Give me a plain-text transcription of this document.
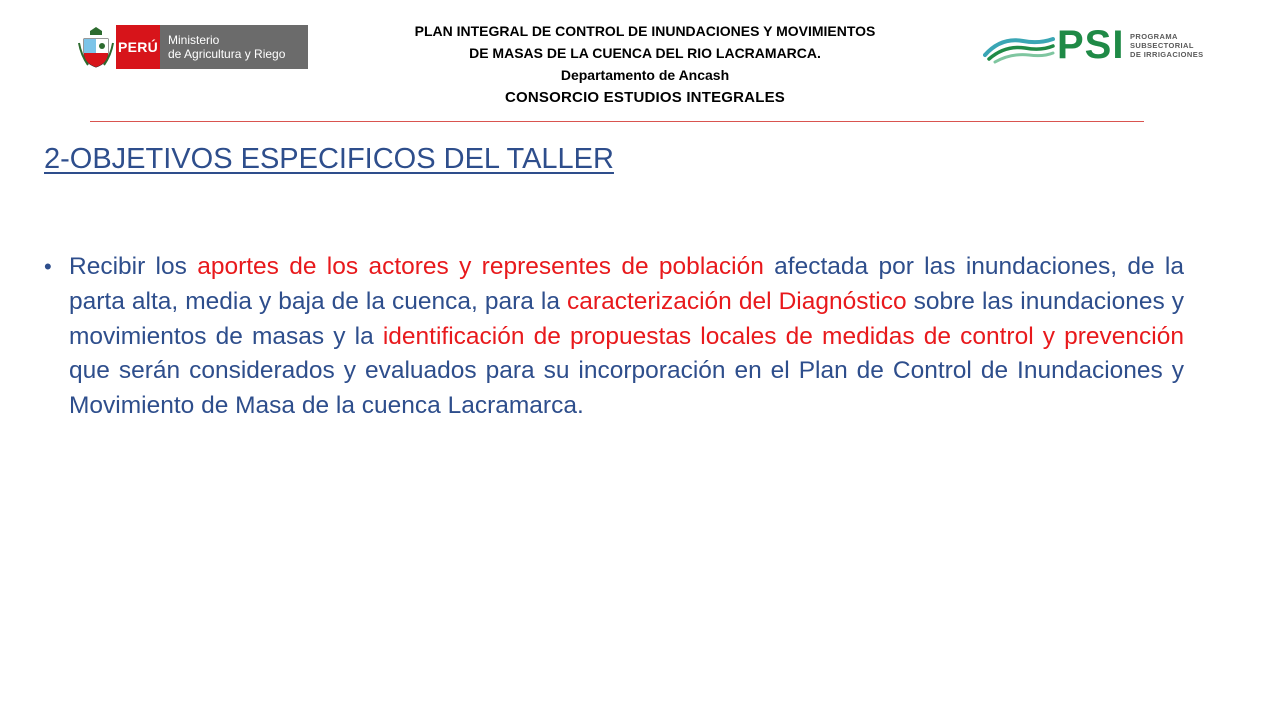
PERÚ Ministerio
de Agricultura y Riego
PLAN INTEGRAL DE CONTROL DE INUNDACIONES Y MOVIMIENTOS
DE MASAS DE LA CUENCA DEL RIO LACRAMARCA.
Departamento de Ancash
CONSORCIO ESTUDIOS INTEGRALES
PSI PROGRAMA
SUBSECTORIAL
DE IRRIGACIONES
2-OBJETIVOS ESPECIFICOS DEL TALLER
• Recibir los aportes de los actores y representes de población afectada por las inundaciones, de la parta alta, media y baja de la cuenca, para la caracterización del Diagnóstico sobre las inundaciones y movimientos de masas y la identificación de propuestas locales de medidas de control y prevención que serán considerados y evaluados para su incorporación en el Plan de Control de Inundaciones y Movimiento de Masa de la cuenca Lacramarca.
